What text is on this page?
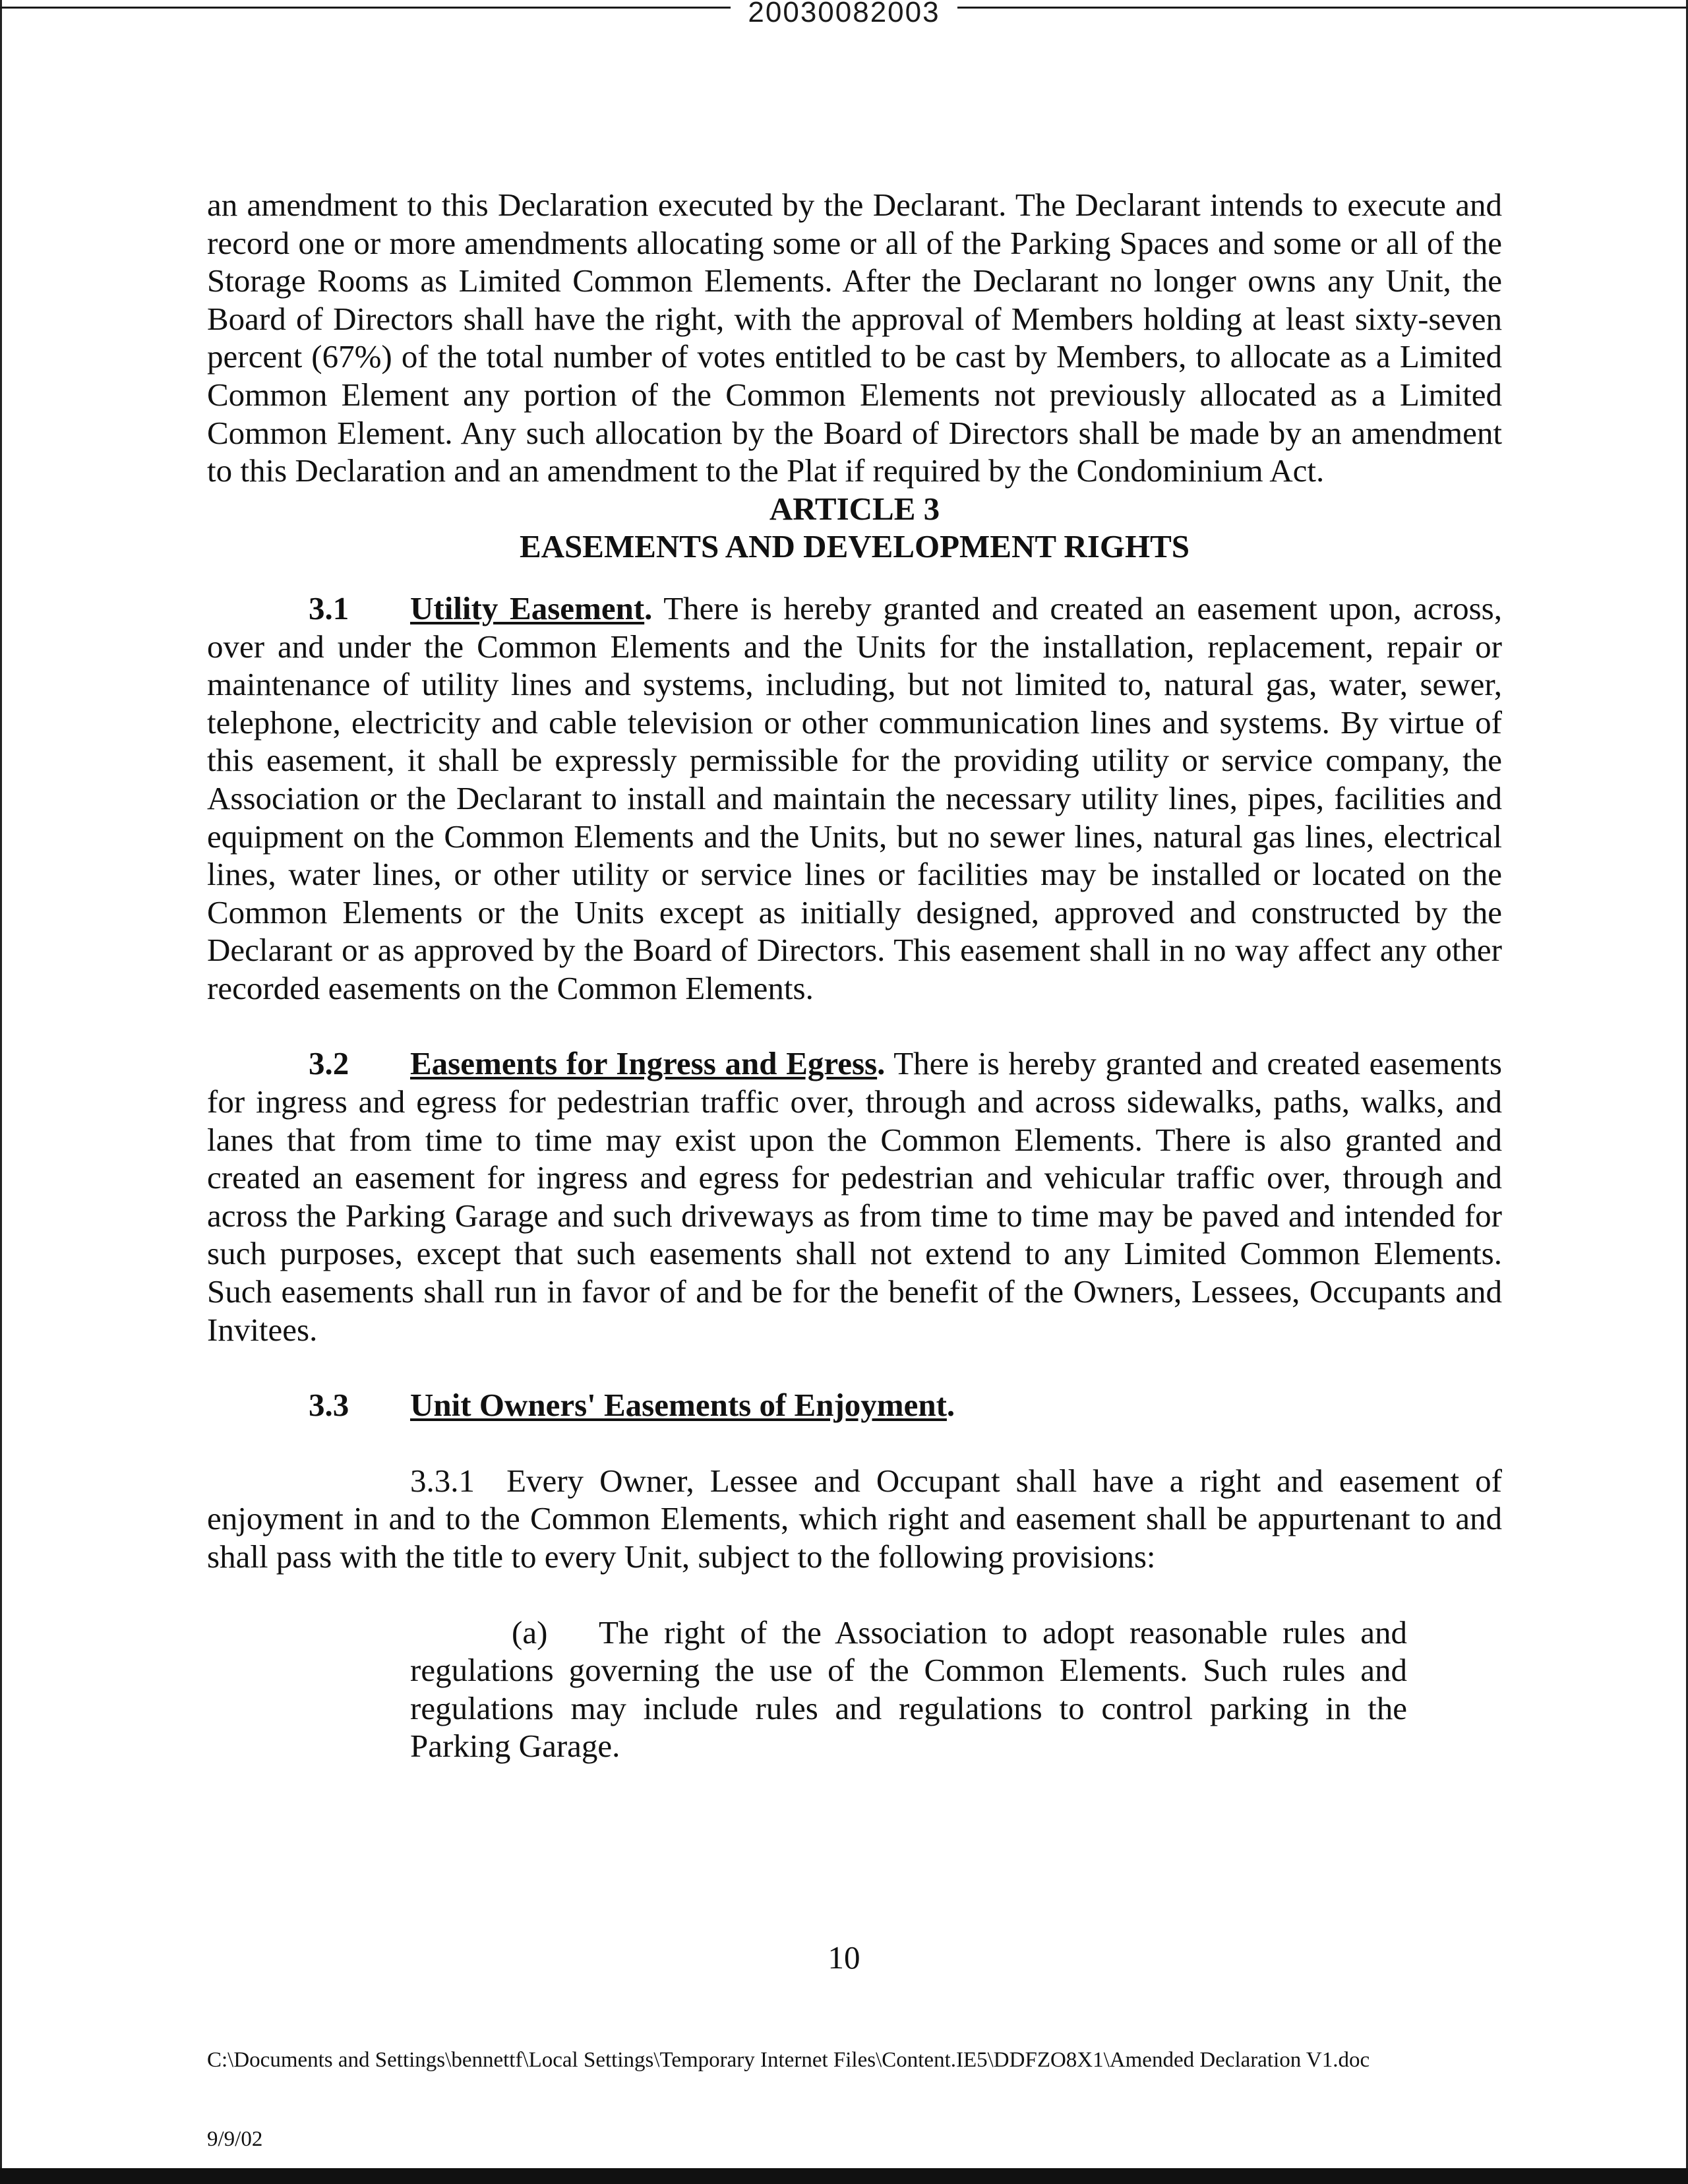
20030082003

an amendment to this Declaration executed by the Declarant. The Declarant intends to execute and record one or more amendments allocating some or all of the Parking Spaces and some or all of the Storage Rooms as Limited Common Elements. After the Declarant no longer owns any Unit, the Board of Directors shall have the right, with the approval of Members holding at least sixty-seven percent (67%) of the total number of votes entitled to be cast by Members, to allocate as a Limited Common Element any portion of the Common Elements not previously allocated as a Limited Common Element. Any such allocation by the Board of Directors shall be made by an amendment to this Declaration and an amendment to the Plat if required by the Condominium Act.

ARTICLE 3

EASEMENTS AND DEVELOPMENT RIGHTS

3.1 Utility Easement. There is hereby granted and created an easement upon, across, over and under the Common Elements and the Units for the installation, replacement, repair or maintenance of utility lines and systems, including, but not limited to, natural gas, water, sewer, telephone, electricity and cable television or other communication lines and systems. By virtue of this easement, it shall be expressly permissible for the providing utility or service company, the Association or the Declarant to install and maintain the necessary utility lines, pipes, facilities and equipment on the Common Elements and the Units, but no sewer lines, natural gas lines, electrical lines, water lines, or other utility or service lines or facilities may be installed or located on the Common Elements or the Units except as initially designed, approved and constructed by the Declarant or as approved by the Board of Directors. This easement shall in no way affect any other recorded easements on the Common Elements.

3.2 Easements for Ingress and Egress. There is hereby granted and created easements for ingress and egress for pedestrian traffic over, through and across sidewalks, paths, walks, and lanes that from time to time may exist upon the Common Elements. There is also granted and created an easement for ingress and egress for pedestrian and vehicular traffic over, through and across the Parking Garage and such driveways as from time to time may be paved and intended for such purposes, except that such easements shall not extend to any Limited Common Elements. Such easements shall run in favor of and be for the benefit of the Owners, Lessees, Occupants and Invitees.

3.3 Unit Owners' Easements of Enjoyment.

3.3.1 Every Owner, Lessee and Occupant shall have a right and easement of enjoyment in and to the Common Elements, which right and easement shall be appurtenant to and shall pass with the title to every Unit, subject to the following provisions:

(a) The right of the Association to adopt reasonable rules and regulations governing the use of the Common Elements. Such rules and regulations may include rules and regulations to control parking in the Parking Garage.

10

C:\Documents and Settings\bennettf\Local Settings\Temporary Internet Files\Content.IE5\DDFZO8X1\Amended Declaration V1.doc

9/9/02
